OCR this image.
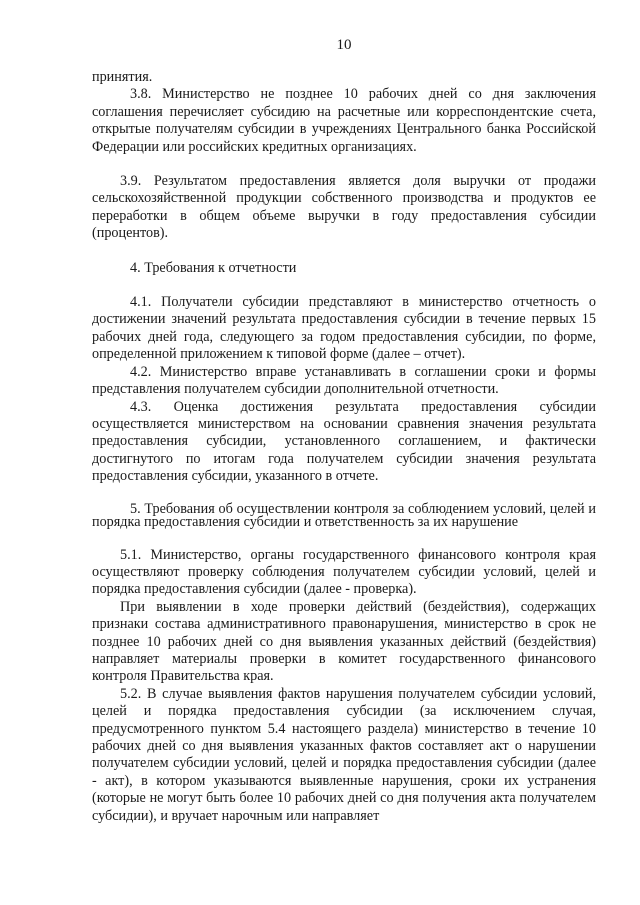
10

принятия.

3.8. Министерство не позднее 10 рабочих дней со дня заключения соглашения перечисляет субсидию на расчетные или корреспондентские счета, открытые получателям субсидии в учреждениях Центрального банка Российской Федерации или российских кредитных организациях.

3.9. Результатом предоставления является доля выручки от продажи сельскохозяйственной продукции собственного производства и продуктов ее переработки в общем объеме выручки в году предоставления субсидии (процентов).

4. Требования к отчетности

4.1. Получатели субсидии представляют в министерство отчетность о достижении значений результата предоставления субсидии в течение первых 15 рабочих дней года, следующего за годом предоставления субсидии, по форме, определенной приложением к типовой форме (далее – отчет).

4.2. Министерство вправе устанавливать в соглашении сроки и формы представления получателем субсидии дополнительной отчетности.

4.3. Оценка достижения результата предоставления субсидии осуществляется министерством на основании сравнения значения результата предоставления субсидии, установленного соглашением, и фактически достигнутого по итогам года получателем субсидии значения результата предоставления субсидии, указанного в отчете.

5. Требования об осуществлении контроля за соблюдением условий, целей и порядка предоставления субсидии и ответственность за их нарушение

5.1. Министерство, органы государственного финансового контроля края осуществляют проверку соблюдения получателем субсидии условий, целей и порядка предоставления субсидии (далее - проверка).

При выявлении в ходе проверки действий (бездействия), содержащих признаки состава административного правонарушения, министерство в срок не позднее 10 рабочих дней со дня выявления указанных действий (бездействия) направляет материалы проверки в комитет государственного финансового контроля Правительства края.

5.2. В случае выявления фактов нарушения получателем субсидии условий, целей и порядка предоставления субсидии (за исключением случая, предусмотренного пунктом 5.4 настоящего раздела) министерство в течение 10 рабочих дней со дня выявления указанных фактов составляет акт о нарушении получателем субсидии условий, целей и порядка предоставления субсидии (далее - акт), в котором указываются выявленные нарушения, сроки их устранения (которые не могут быть более 10 рабочих дней со дня получения акта получателем субсидии), и вручает нарочным или направляет
